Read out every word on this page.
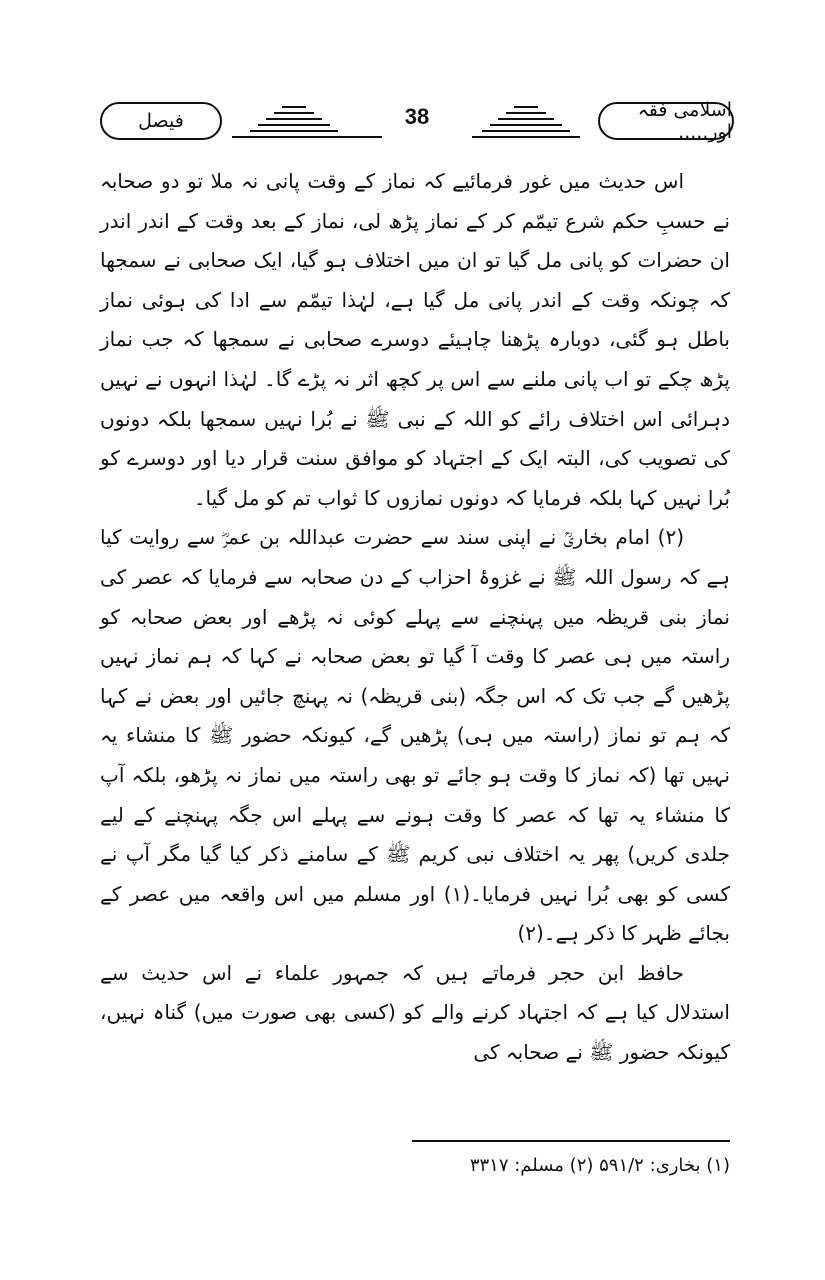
اسلامی فقہ اور.....
38
فیصل

اس حدیث میں غور فرمائیے کہ نماز کے وقت پانی نہ ملا تو دو صحابہ نے حسبِ حکم شرع تیمّم کر کے نماز پڑھ لی، نماز کے بعد وقت کے اندر اندر ان حضرات کو پانی مل گیا تو ان میں اختلاف ہو گیا، ایک صحابی نے سمجھا کہ چونکہ وقت کے اندر پانی مل گیا ہے، لہٰذا تیمّم سے ادا کی ہوئی نماز باطل ہو گئی، دوبارہ پڑھنا چاہیئے دوسرے صحابی نے سمجھا کہ جب نماز پڑھ چکے تو اب پانی ملنے سے اس پر کچھ اثر نہ پڑے گا۔ لہٰذا انہوں نے نہیں دہرائی اس اختلاف رائے کو اللہ کے نبی ﷺ نے بُرا نہیں سمجھا بلکہ دونوں کی تصویب کی، البتہ ایک کے اجتہاد کو موافق سنت قرار دیا اور دوسرے کو بُرا نہیں کہا بلکہ فرمایا کہ دونوں نمازوں کا ثواب تم کو مل گیا۔

(۲) امام بخاریؒ نے اپنی سند سے حضرت عبداللہ بن عمرؓ سے روایت کیا ہے کہ رسول اللہ ﷺ نے غزوۂ احزاب کے دن صحابہ سے فرمایا کہ عصر کی نماز بنی قریظہ میں پہنچنے سے پہلے کوئی نہ پڑھے اور بعض صحابہ کو راستہ میں ہی عصر کا وقت آ گیا تو بعض صحابہ نے کہا کہ ہم نماز نہیں پڑھیں گے جب تک کہ اس جگہ (بنی قریظہ) نہ پہنچ جائیں اور بعض نے کہا کہ ہم تو نماز (راستہ میں ہی) پڑھیں گے، کیونکہ حضور ﷺ کا منشاء یہ نہیں تھا (کہ نماز کا وقت ہو جائے تو بھی راستہ میں نماز نہ پڑھو، بلکہ آپ کا منشاء یہ تھا کہ عصر کا وقت ہونے سے پہلے اس جگہ پہنچنے کے لیے جلدی کریں) پھر یہ اختلاف نبی کریم ﷺ کے سامنے ذکر کیا گیا مگر آپ نے کسی کو بھی بُرا نہیں فرمایا۔(۱) اور مسلم میں اس واقعہ میں عصر کے بجائے ظہر کا ذکر ہے۔(۲)

حافظ ابن حجر فرماتے ہیں کہ جمہور علماء نے اس حدیث سے استدلال کیا ہے کہ اجتہاد کرنے والے کو (کسی بھی صورت میں) گناہ نہیں، کیونکہ حضور ﷺ نے صحابہ کی

(۱) بخاری: ۵۹۱/۲ (۲) مسلم: ۳۳۱۷
